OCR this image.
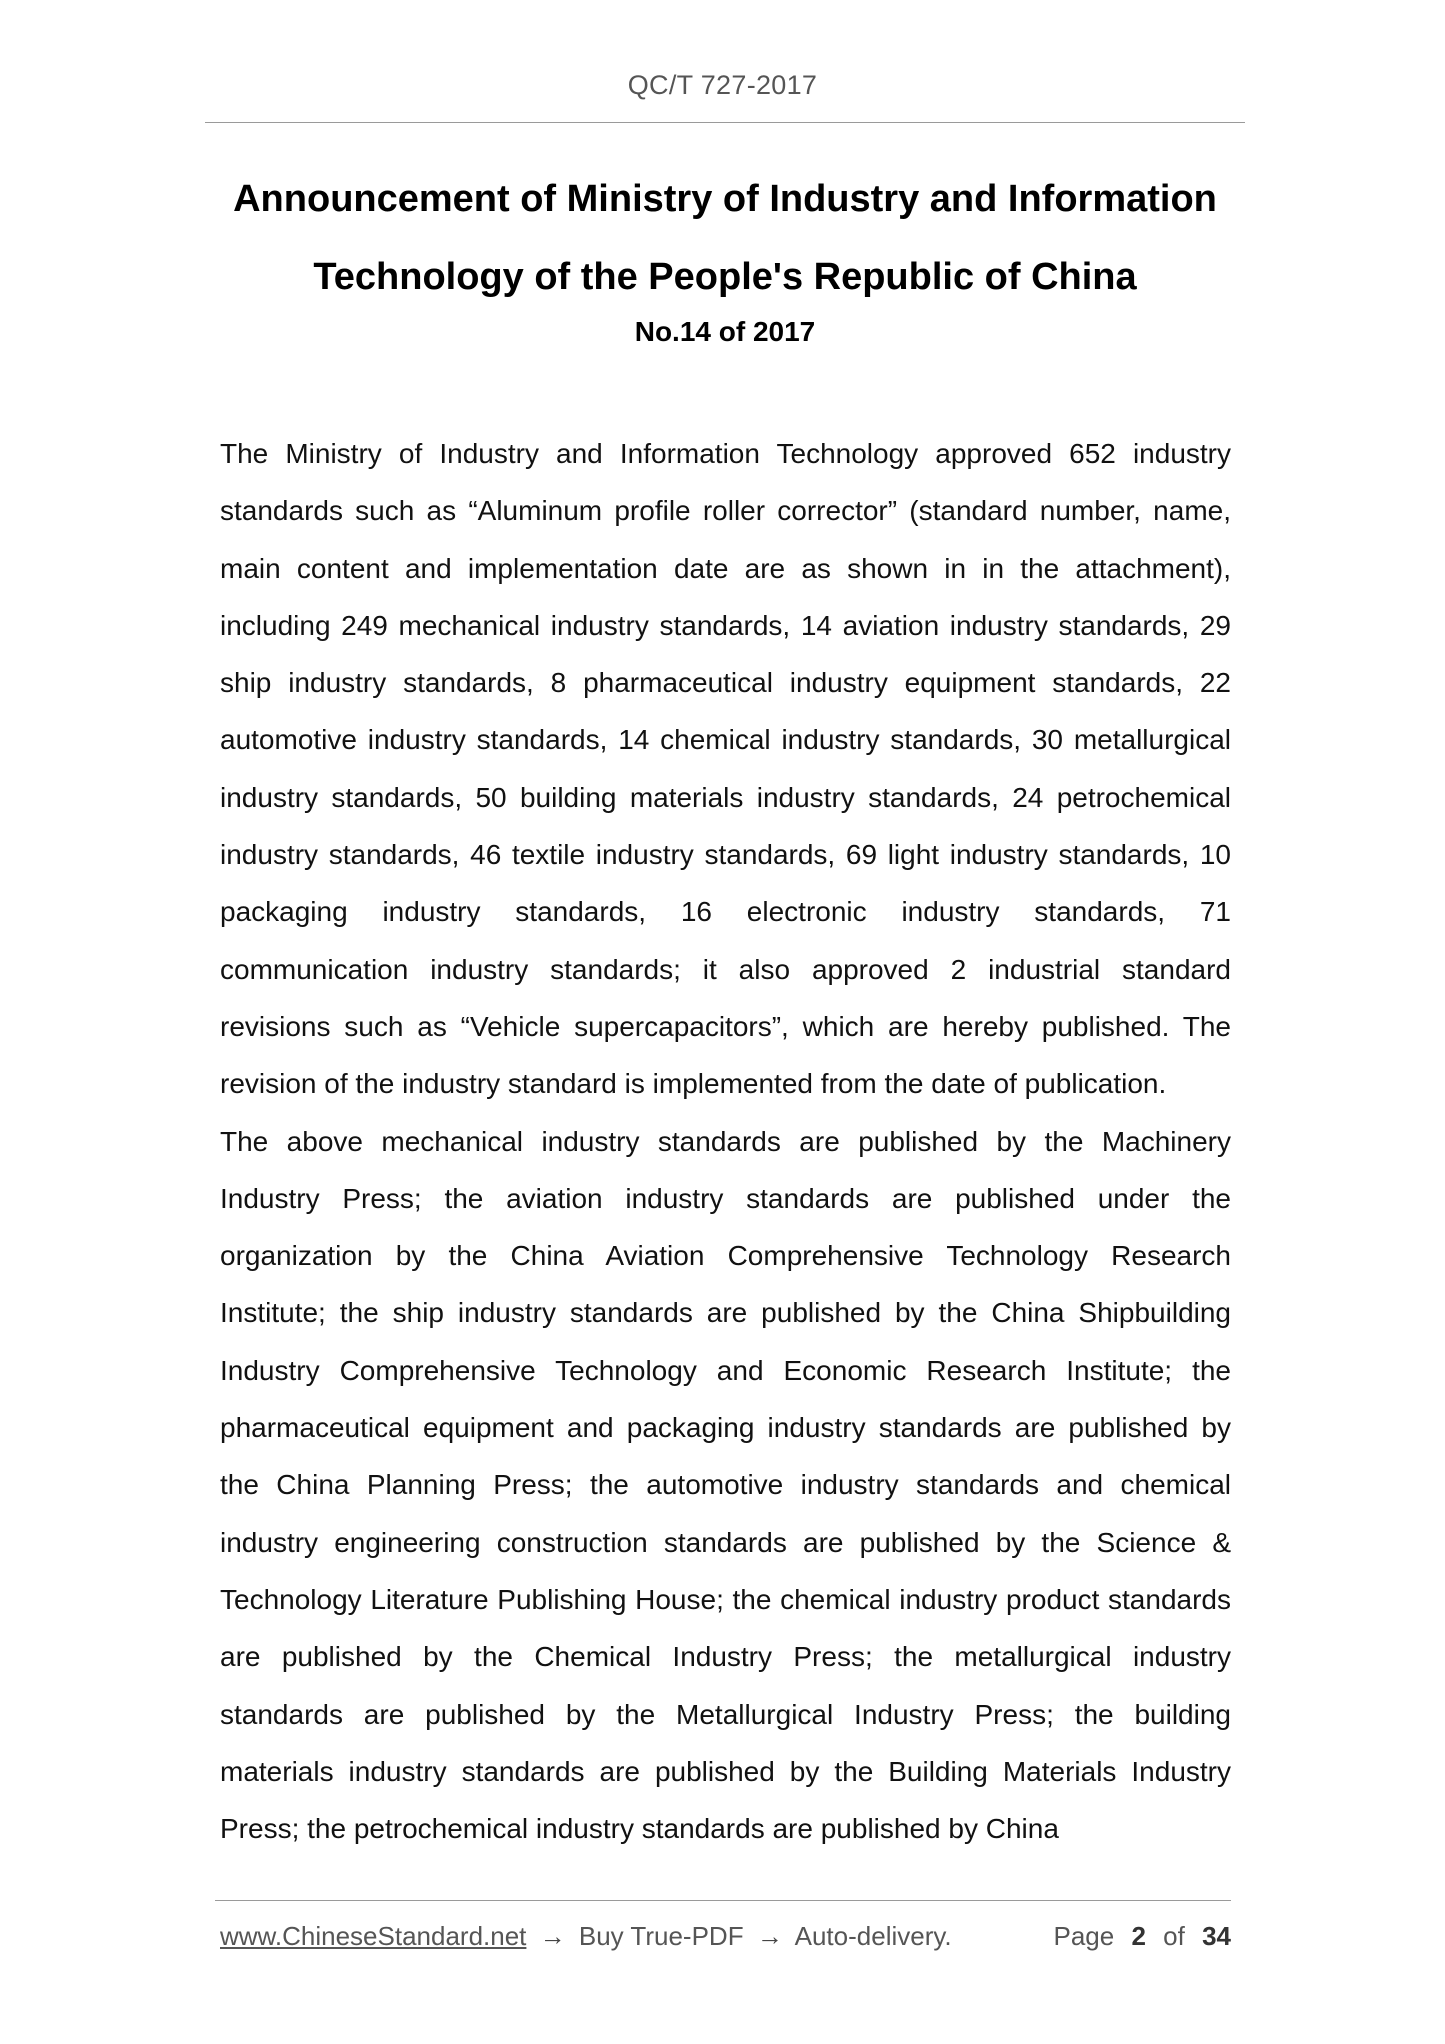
QC/T 727-2017
Announcement of Ministry of Industry and Information
Technology of the People's Republic of China
No.14 of 2017

The Ministry of Industry and Information Technology approved 652 industry standards such as “Aluminum profile roller corrector” (standard number, name, main content and implementation date are as shown in in the attachment), including 249 mechanical industry standards, 14 aviation industry standards, 29 ship industry standards, 8 pharmaceutical industry equipment standards, 22 automotive industry standards, 14 chemical industry standards, 30 metallurgical industry standards, 50 building materials industry standards, 24 petrochemical industry standards, 46 textile industry standards, 69 light industry standards, 10 packaging industry standards, 16 electronic industry standards, 71 communication industry standards; it also approved 2 industrial standard revisions such as “Vehicle supercapacitors”, which are hereby published. The revision of the industry standard is implemented from the date of publication.

The above mechanical industry standards are published by the Machinery Industry Press; the aviation industry standards are published under the organization by the China Aviation Comprehensive Technology Research Institute; the ship industry standards are published by the China Shipbuilding Industry Comprehensive Technology and Economic Research Institute; the pharmaceutical equipment and packaging industry standards are published by the China Planning Press; the automotive industry standards and chemical industry engineering construction standards are published by the Science & Technology Literature Publishing House; the chemical industry product standards are published by the Chemical Industry Press; the metallurgical industry standards are published by the Metallurgical Industry Press; the building materials industry standards are published by the Building Materials Industry Press; the petrochemical industry standards are published by China

www.ChineseStandard.net → Buy True-PDF → Auto-delivery.	Page 2 of 34
